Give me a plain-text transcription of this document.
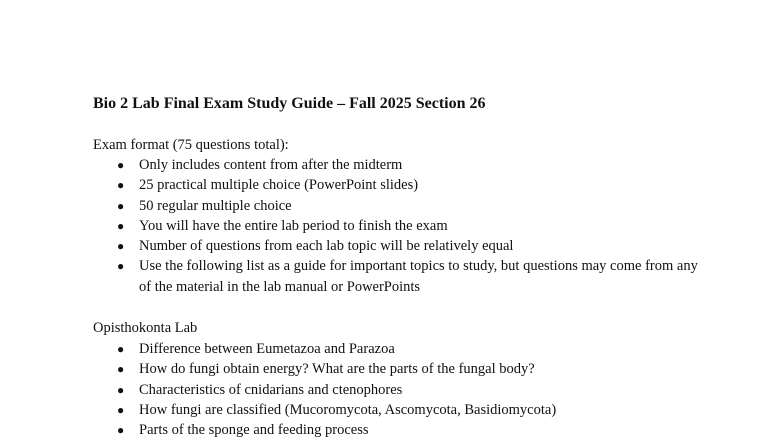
Bio 2 Lab Final Exam Study Guide – Fall 2025 Section 26
Exam format (75 questions total):
● Only includes content from after the midterm
● 25 practical multiple choice (PowerPoint slides)
● 50 regular multiple choice
● You will have the entire lab period to finish the exam
● Number of questions from each lab topic will be relatively equal
● Use the following list as a guide for important topics to study, but questions may come from any of the material in the lab manual or PowerPoints
Opisthokonta Lab
● Difference between Eumetazoa and Parazoa
● How do fungi obtain energy? What are the parts of the fungal body?
● Characteristics of cnidarians and ctenophores
● How fungi are classified (Mucoromycota, Ascomycota, Basidiomycota)
● Parts of the sponge and feeding process
